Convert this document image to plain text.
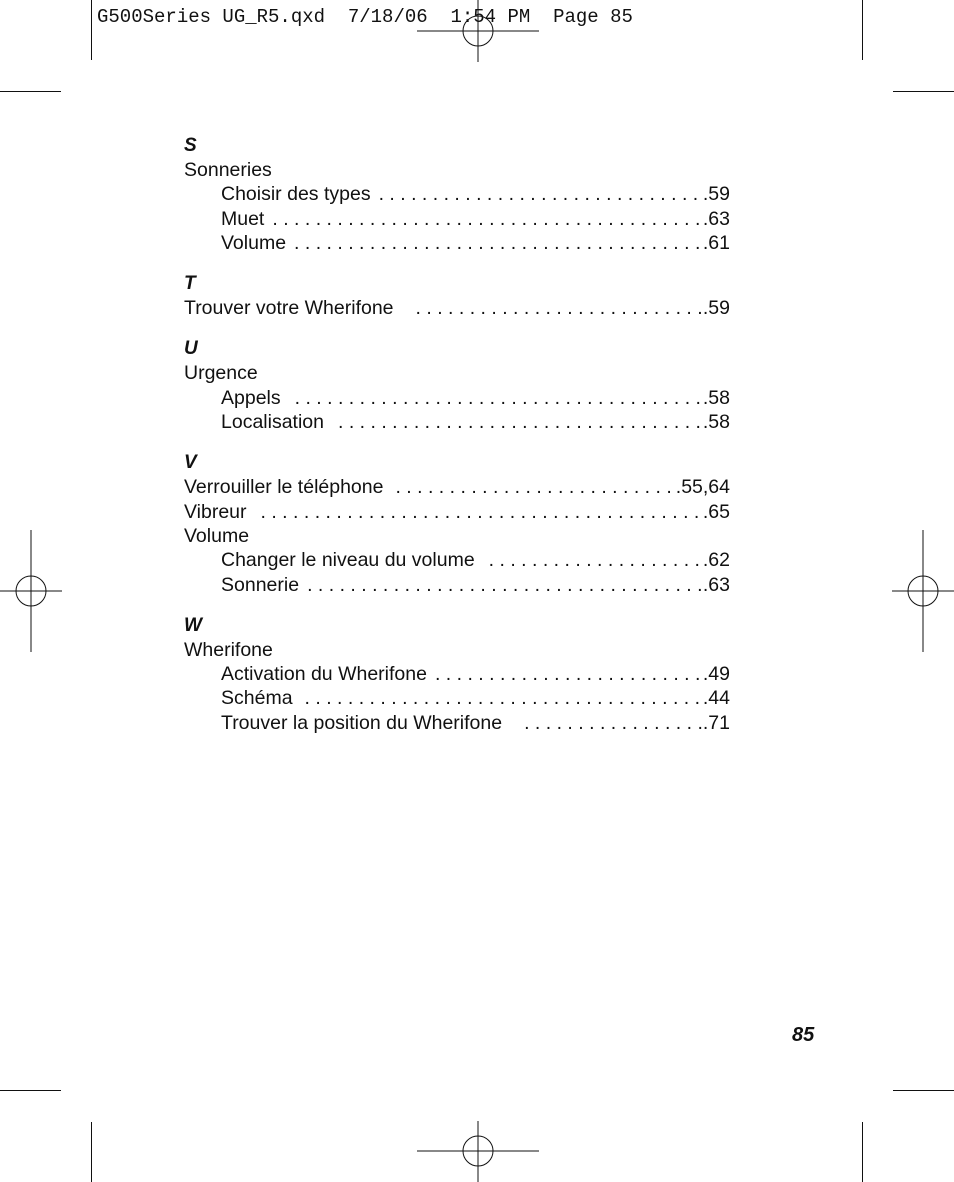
G500Series UG_R5.qxd  7/18/06  1:54 PM  Page 85
S
Sonneries
Choisir des types . . .	.59
Muet . . .	.63
Volume . . .	.61
T
Trouver votre Wherifone . . .	.59
U
Urgence
Appels . . .	.58
Localisation . . .	.58
V
Verrouiller le téléphone . . .	.55,64
Vibreur . . .	.65
Volume
Changer le niveau du volume . . .	.62
Sonnerie . . .	.63
W
Wherifone
Activation du Wherifone . . .	.49
Schéma . . .	.44
Trouver la position du Wherifone . . .	.71
85
